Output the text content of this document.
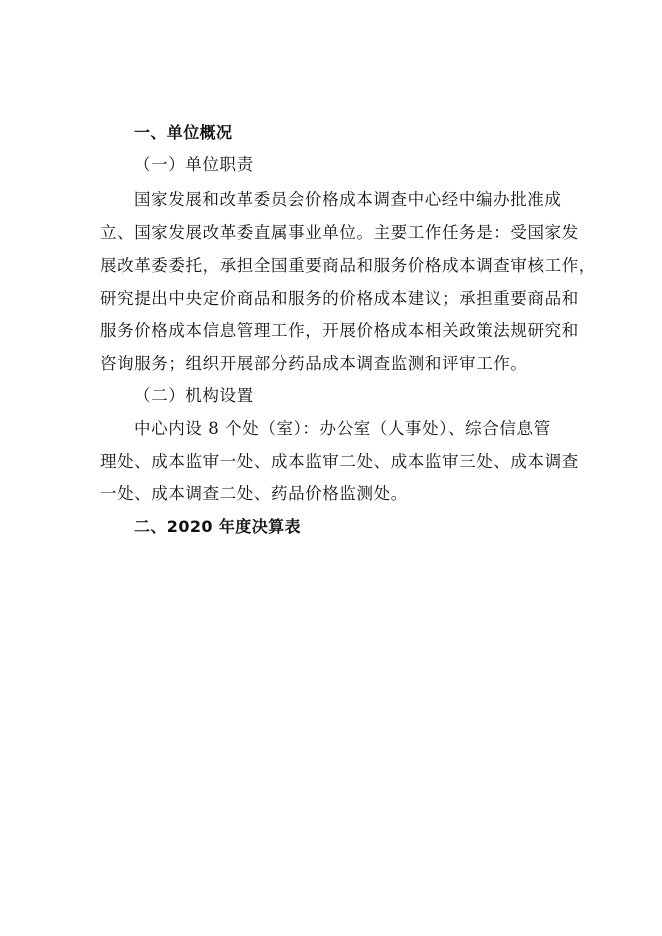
一、单位概况
（一）单位职责
国家发展和改革委员会价格成本调查中心经中编办批准成
立、国家发展改革委直属事业单位。主要工作任务是：受国家发
展改革委委托，承担全国重要商品和服务价格成本调查审核工作，
研究提出中央定价商品和服务的价格成本建议；承担重要商品和
服务价格成本信息管理工作，开展价格成本相关政策法规研究和
咨询服务；组织开展部分药品成本调查监测和评审工作。
（二）机构设置
中心内设 8 个处（室）：办公室（人事处）、综合信息管
理处、成本监审一处、成本监审二处、成本监审三处、成本调查
一处、成本调查二处、药品价格监测处。
二、2020 年度决算表
